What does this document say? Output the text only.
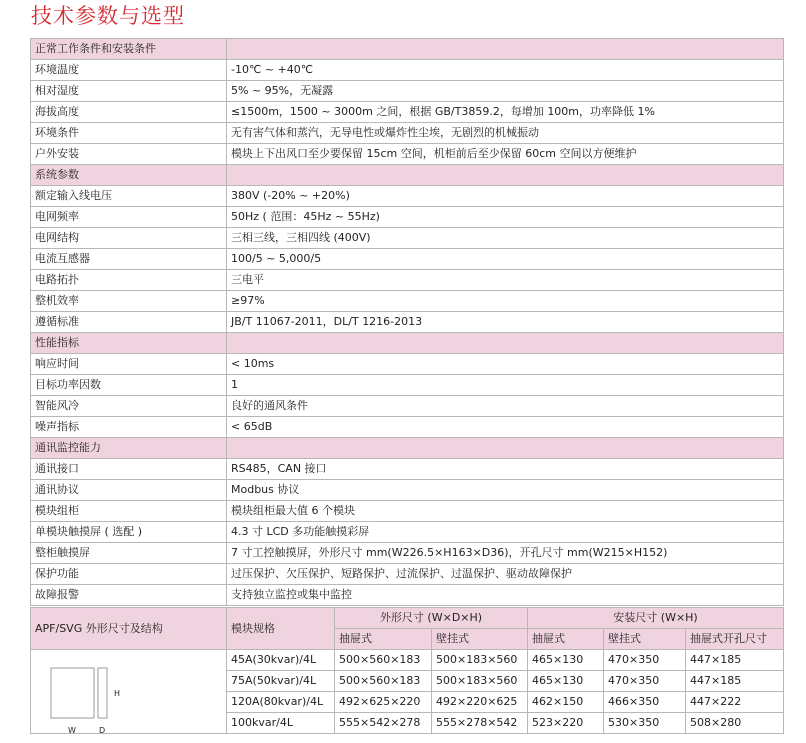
技术参数与选型
正常工作条件和安装条件	
环境温度	-10℃ ~ +40℃
相对湿度	5% ~ 95%，无凝露
海拔高度	≤1500m，1500 ~ 3000m 之间，根据 GB/T3859.2，每增加 100m，功率降低 1%
环境条件	无有害气体和蒸汽，无导电性或爆炸性尘埃，无剧烈的机械振动
户外安装	模块上下出风口至少要保留 15cm 空间，机柜前后至少保留 60cm 空间以方便维护
系统参数	
额定输入线电压	380V (-20% ~ +20%)
电网频率	50Hz ( 范围：45Hz ~ 55Hz)
电网结构	三相三线，三相四线 (400V)
电流互感器	100/5 ~ 5,000/5
电路拓扑	三电平
整机效率	≥97%
遵循标准	JB/T 11067-2011，DL/T 1216-2013
性能指标	
响应时间	< 10ms
目标功率因数	1
智能风冷	良好的通风条件
噪声指标	< 65dB
通讯监控能力	
通讯接口	RS485，CAN 接口
通讯协议	Modbus 协议
模块组柜	模块组柜最大值 6 个模块
单模块触摸屏 ( 选配 )	4.3 寸 LCD 多功能触摸彩屏
整柜触摸屏	7 寸工控触摸屏，外形尺寸 mm(W226.5×H163×D36)，开孔尺寸 mm(W215×H152)
保护功能	过压保护、欠压保护、短路保护、过流保护、过温保护、驱动故障保护
故障报警	支持独立监控或集中监控
APF/SVG 外形尺寸及结构	模块规格	外形尺寸 (W×D×H)		安装尺寸 (W×H)		
		抽屉式	壁挂式	抽屉式	壁挂式	抽屉式开孔尺寸

H
W D	45A(30kvar)/4L	500×560×183	500×183×560	465×130	470×350	447×185
	75A(50kvar)/4L	500×560×183	500×183×560	465×130	470×350	447×185
	120A(80kvar)/4L	492×625×220	492×220×625	462×150	466×350	447×222
	100kvar/4L	555×542×278	555×278×542	523×220	530×350	508×280
